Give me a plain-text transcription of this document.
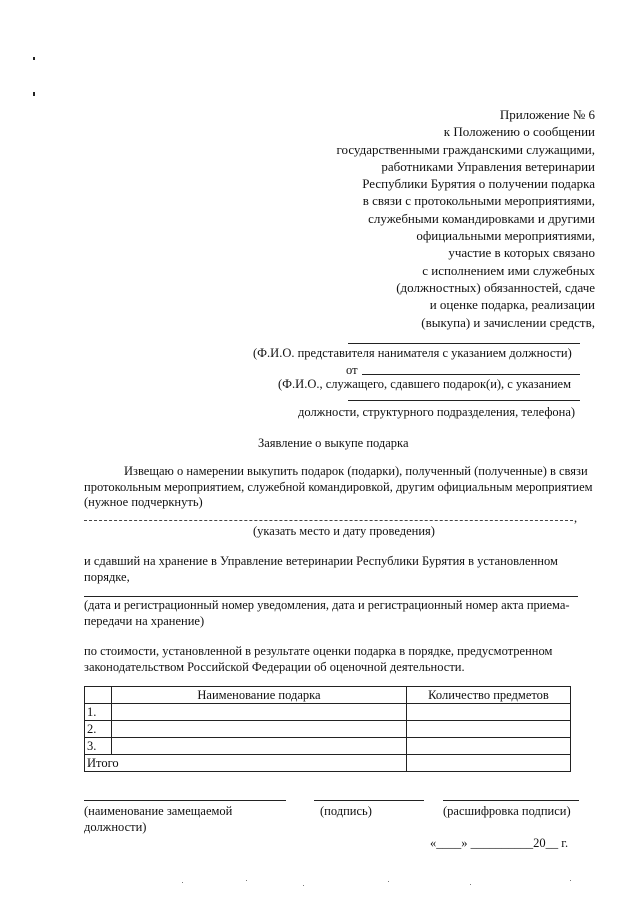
Приложение № 6
к Положению о сообщении
государственными гражданскими служащими,
работниками Управления ветеринарии
Республики Бурятия о получении подарка
в связи с протокольными мероприятиями,
служебными командировками и другими
официальными мероприятиями,
участие в которых связано
с исполнением ими служебных
(должностных) обязанностей, сдаче
и оценке подарка, реализации
(выкупа) и зачислении средств,
(Ф.И.О. представителя нанимателя с указанием должности)
от
(Ф.И.О., служащего, сдавшего подарок(и), с указанием
должности, структурного подразделения, телефона)
Заявление о выкупе подарка
Извещаю о намерении выкупить подарок (подарки), полученный (полученные) в связи протокольным мероприятием, служебной командировкой, другим официальным мероприятием (нужное подчеркнуть)
,
(указать место и дату проведения)
и сдавший на хранение в Управление ветеринарии Республики Бурятия в установленном порядке,
(дата и регистрационный номер уведомления, дата и регистрационный номер акта приема-передачи на хранение)
по стоимости, установленной в результате оценки подарка в порядке, предусмотренном законодательством Российской Федерации об оценочной деятельности.
	Наименование подарка	Количество предметов
1.		
2.		
3.		
Итого		
(наименование замещаемой должности)
(подпись)	(расшифровка подписи)
«____» __________20__ г.
